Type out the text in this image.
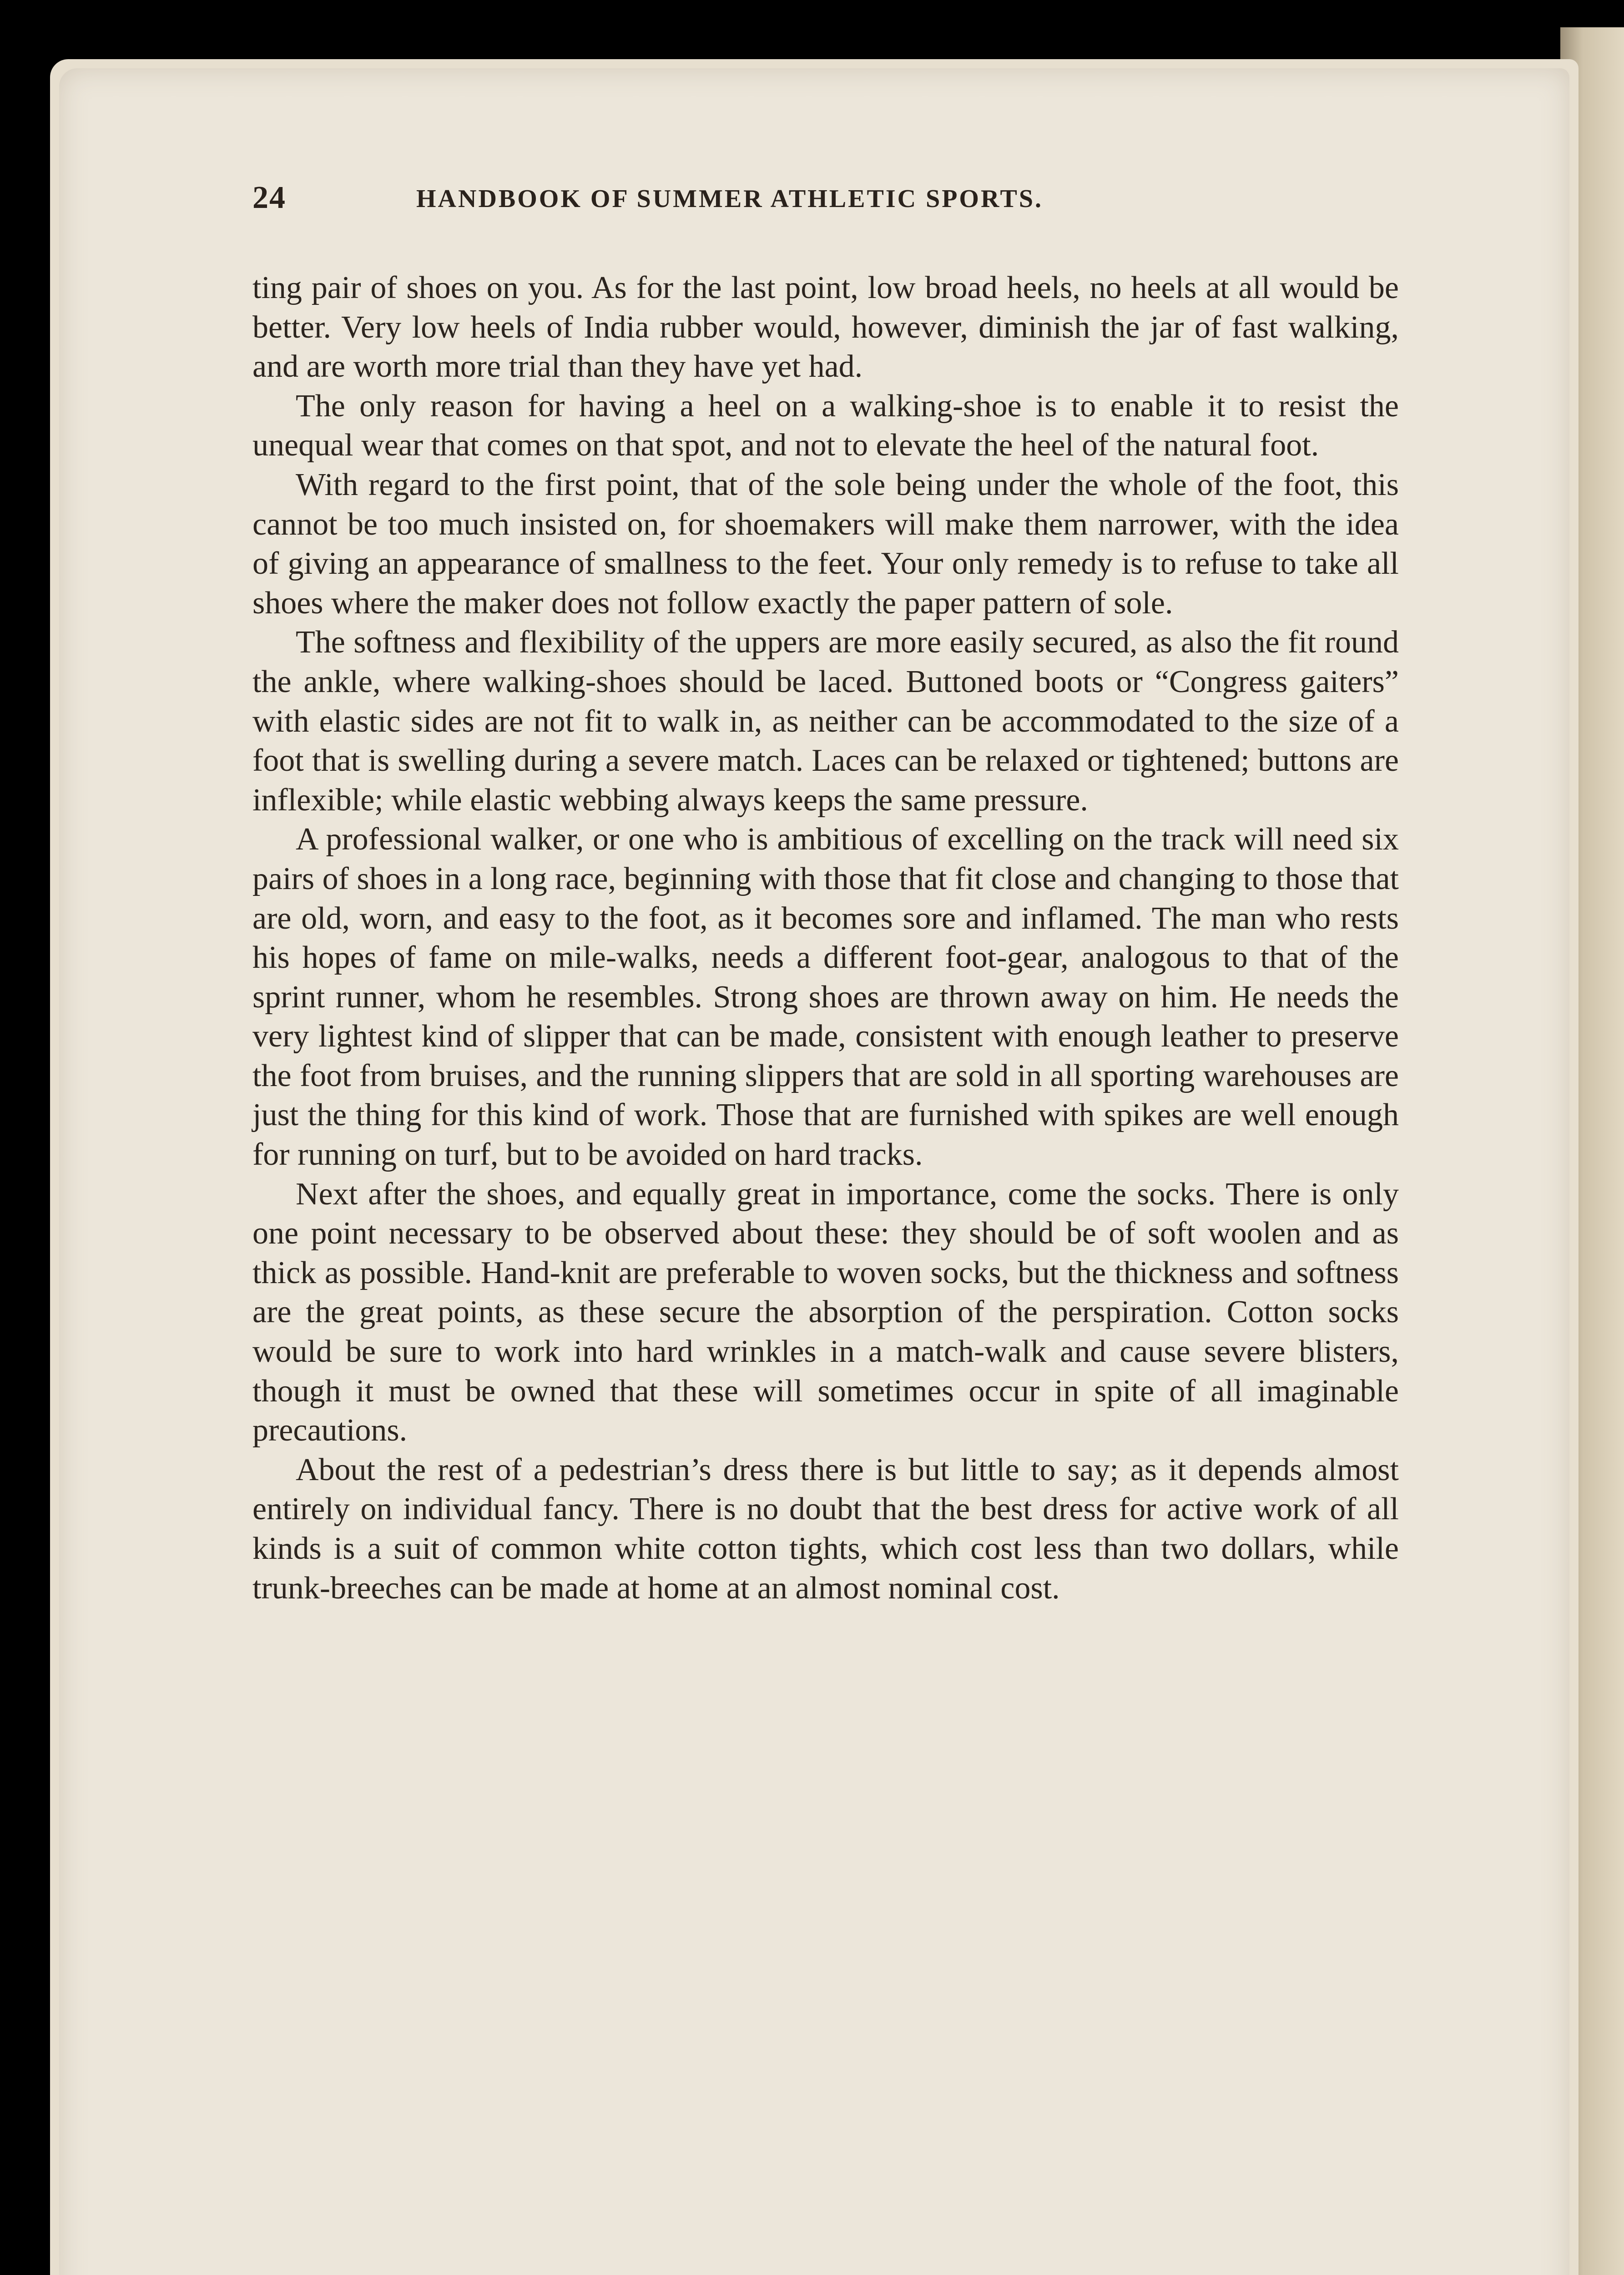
24	HANDBOOK OF SUMMER ATHLETIC SPORTS.

ting pair of shoes on you. As for the last point, low broad heels, no heels at all would be better. Very low heels of India rubber would, however, diminish the jar of fast walking, and are worth more trial than they have yet had.

The only reason for having a heel on a walking-shoe is to enable it to resist the unequal wear that comes on that spot, and not to elevate the heel of the natural foot.

With regard to the first point, that of the sole being under the whole of the foot, this cannot be too much insisted on, for shoemakers will make them narrower, with the idea of giving an appearance of smallness to the feet. Your only remedy is to refuse to take all shoes where the maker does not follow exactly the paper pattern of sole.

The softness and flexibility of the uppers are more easily secured, as also the fit round the ankle, where walking-shoes should be laced. Buttoned boots or “Congress gaiters” with elastic sides are not fit to walk in, as neither can be accommodated to the size of a foot that is swelling during a severe match. Laces can be relaxed or tightened; buttons are inflexible; while elastic webbing always keeps the same pressure.

A professional walker, or one who is ambitious of excelling on the track will need six pairs of shoes in a long race, beginning with those that fit close and changing to those that are old, worn, and easy to the foot, as it becomes sore and inflamed. The man who rests his hopes of fame on mile-walks, needs a different foot-gear, analogous to that of the sprint runner, whom he resembles. Strong shoes are thrown away on him. He needs the very lightest kind of slipper that can be made, consistent with enough leather to preserve the foot from bruises, and the running slippers that are sold in all sporting warehouses are just the thing for this kind of work. Those that are furnished with spikes are well enough for running on turf, but to be avoided on hard tracks.

Next after the shoes, and equally great in importance, come the socks. There is only one point necessary to be observed about these: they should be of soft woolen and as thick as possible. Hand-knit are preferable to woven socks, but the thickness and softness are the great points, as these secure the absorption of the perspiration. Cotton socks would be sure to work into hard wrinkles in a match-walk and cause severe blisters, though it must be owned that these will sometimes occur in spite of all imaginable precautions.

About the rest of a pedestrian’s dress there is but little to say; as it depends almost entirely on individual fancy. There is no doubt that the best dress for active work of all kinds is a suit of common white cotton tights, which cost less than two dollars, while trunk-breeches can be made at home at an almost nominal cost.
